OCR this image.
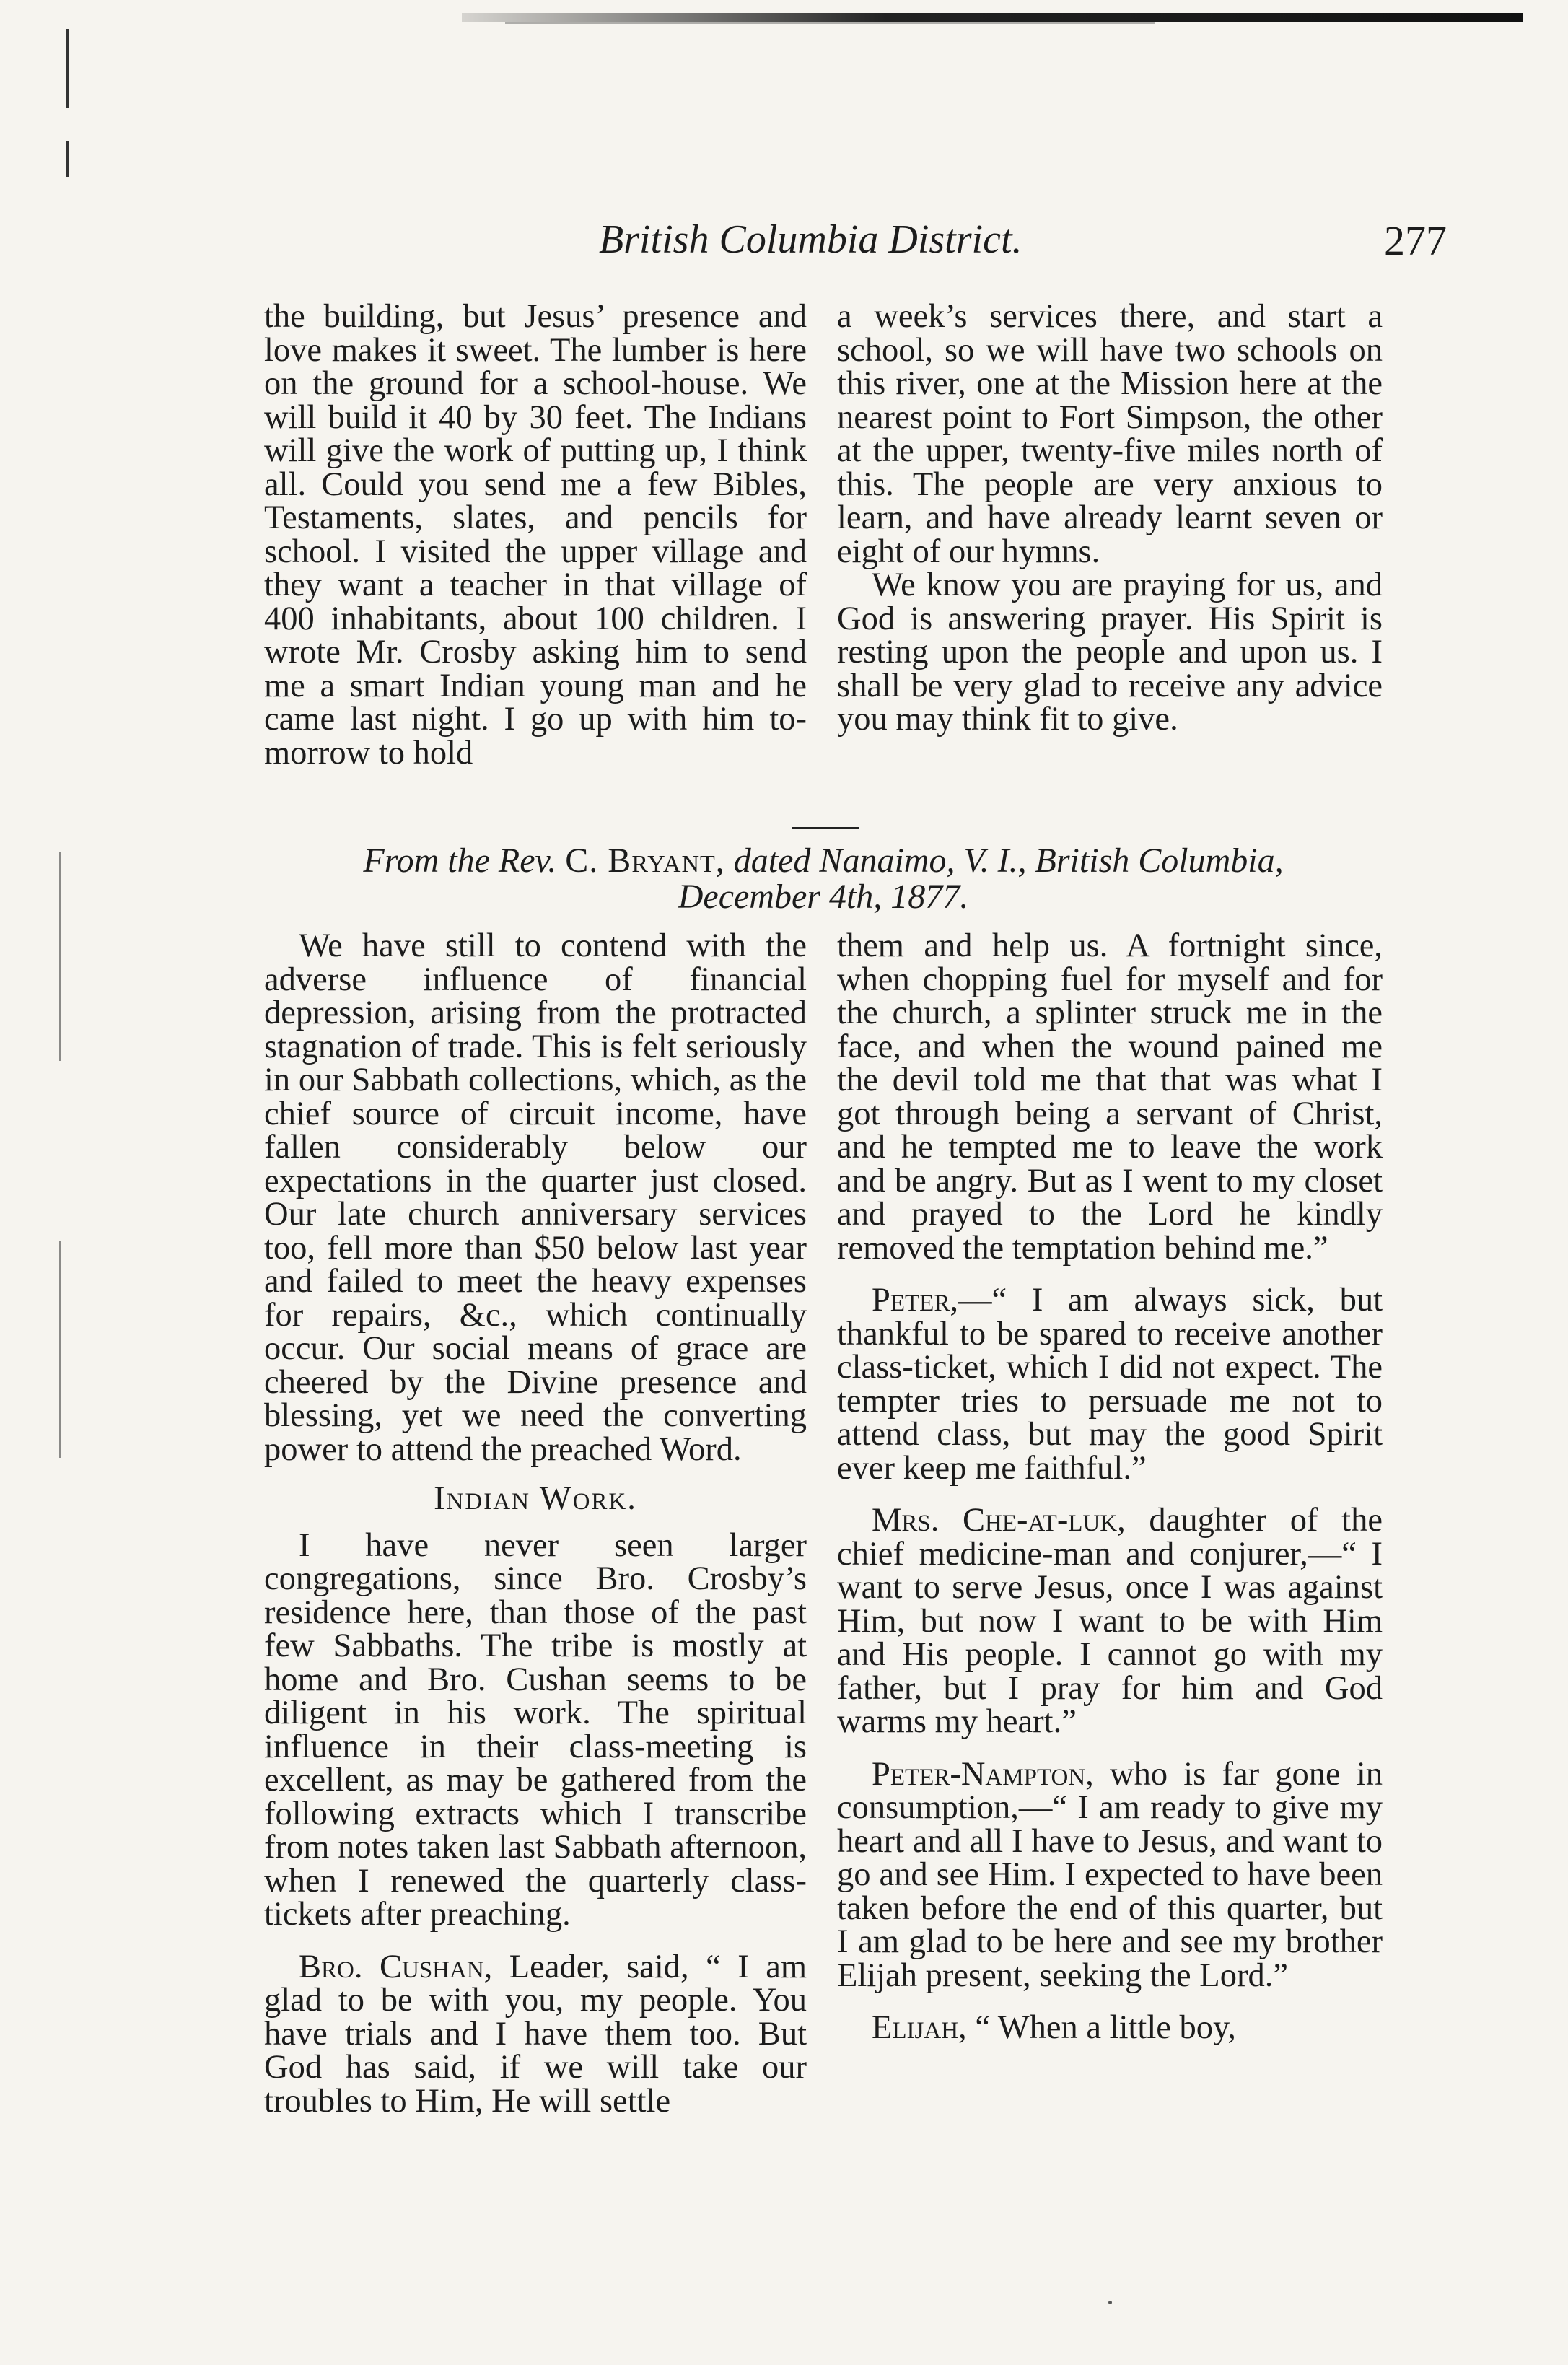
British Columbia District.	277

the building, but Jesus’ presence and love makes it sweet. The lumber is here on the ground for a school-house. We will build it 40 by 30 feet. The Indians will give the work of putting up, I think all. Could you send me a few Bibles, Testaments, slates, and pencils for school. I visited the upper village and they want a teacher in that village of 400 inhabitants, about 100 children. I wrote Mr. Crosby asking him to send me a smart Indian young man and he came last night. I go up with him to-morrow to hold

a week’s services there, and start a school, so we will have two schools on this river, one at the Mission here at the nearest point to Fort Simpson, the other at the upper, twenty-five miles north of this. The people are very anxious to learn, and have already learnt seven or eight of our hymns.

We know you are praying for us, and God is answering prayer. His Spirit is resting upon the people and upon us. I shall be very glad to receive any advice you may think fit to give.

From the Rev. C. Bryant, dated Nanaimo, V. I., British Columbia,
December 4th, 1877.

We have still to contend with the adverse influence of financial depression, arising from the protracted stagnation of trade. This is felt seriously in our Sabbath collections, which, as the chief source of circuit income, have fallen considerably below our expectations in the quarter just closed. Our late church anniversary services too, fell more than $50 below last year and failed to meet the heavy expenses for repairs, &c., which continually occur. Our social means of grace are cheered by the Divine presence and blessing, yet we need the converting power to attend the preached Word.

Indian Work.

I have never seen larger congregations, since Bro. Crosby’s residence here, than those of the past few Sabbaths. The tribe is mostly at home and Bro. Cushan seems to be diligent in his work. The spiritual influence in their class-meeting is excellent, as may be gathered from the following extracts which I transcribe from notes taken last Sabbath afternoon, when I renewed the quarterly class-tickets after preaching.

Bro. Cushan, Leader, said, “ I am glad to be with you, my people. You have trials and I have them too. But God has said, if we will take our troubles to Him, He will settle

them and help us. A fortnight since, when chopping fuel for myself and for the church, a splinter struck me in the face, and when the wound pained me the devil told me that that was what I got through being a servant of Christ, and he tempted me to leave the work and be angry. But as I went to my closet and prayed to the Lord he kindly removed the temptation behind me.”

Peter,—“ I am always sick, but thankful to be spared to receive another class-ticket, which I did not expect. The tempter tries to persuade me not to attend class, but may the good Spirit ever keep me faithful.”

Mrs. Che-at-luk, daughter of the chief medicine-man and conjurer,—“ I want to serve Jesus, once I was against Him, but now I want to be with Him and His people. I cannot go with my father, but I pray for him and God warms my heart.”

Peter-Nampton, who is far gone in consumption,—“ I am ready to give my heart and all I have to Jesus, and want to go and see Him. I expected to have been taken before the end of this quarter, but I am glad to be here and see my brother Elijah present, seeking the Lord.”

Elijah, “ When a little boy,
